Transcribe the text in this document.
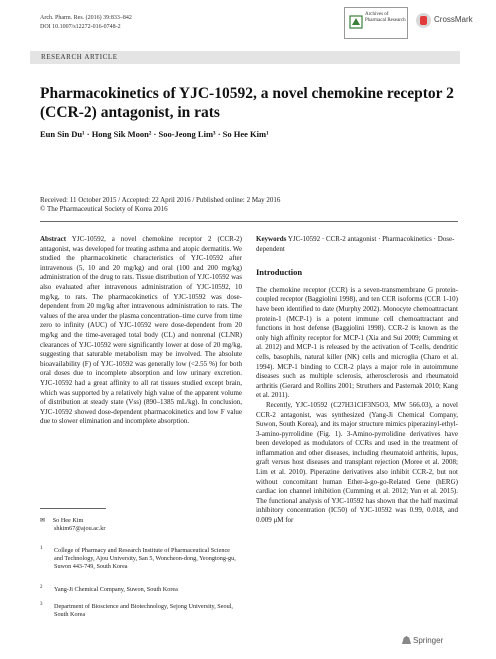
Arch. Pharm. Res. (2016) 39:833–842
DOI 10.1007/s12272-016-0748-2
Archives of Pharmacal Research	CrossMark
RESEARCH ARTICLE
Pharmacokinetics of YJC-10592, a novel chemokine receptor 2
(CCR-2) antagonist, in rats
Eun Sin Du¹ · Hong Sik Moon² · Soo-Jeong Lim³ · So Hee Kim¹
Received: 11 October 2015 / Accepted: 22 April 2016 / Published online: 2 May 2016
© The Pharmaceutical Society of Korea 2016

Abstract YJC-10592, a novel chemokine receptor 2 (CCR-2) antagonist, was developed for treating asthma and atopic dermatitis. We studied the pharmacokinetic characteristics of YJC-10592 after intravenous (5, 10 and 20 mg/kg) and oral (100 and 200 mg/kg) administration of the drug to rats. Tissue distribution of YJC-10592 was also evaluated after intravenous administration of YJC-10592, 10 mg/kg, to rats. The pharmacokinetics of YJC-10592 was dose-dependent from 20 mg/kg after intravenous administration to rats. The values of the area under the plasma concentration–time curve from time zero to infinity (AUC) of YJC-10592 were dose-dependent from 20 mg/kg and the time-averaged total body (CL) and nonrenal (CLNR) clearances of YJC-10592 were significantly lower at dose of 20 mg/kg, suggesting that saturable metabolism may be involved. The absolute bioavailability (F) of YJC-10592 was generally low (<2.55 %) for both oral doses due to incomplete absorption and low urinary excretion. YJC-10592 had a great affinity to all rat tissues studied except brain, which was supported by a relatively high value of the apparent volume of distribution at steady state (Vss) (890–1385 mL/kg). In conclusion, YJC-10592 showed dose-dependent pharmacokinetics and low F value due to slower elimination and incomplete absorption.

✉ So Hee Kim
shkim67@ajou.ac.kr
1 College of Pharmacy and Research Institute of Pharmaceutical Science and Technology, Ajou University, San 5, Woncheon-dong, Yeongtong-gu, Suwon 443-749, South Korea
2 Yang-Ji Chemical Company, Suwon, South Korea
3 Department of Bioscience and Biotechnology, Sejong University, Seoul, South Korea

Keywords YJC-10592 · CCR-2 antagonist · Pharmacokinetics · Dose-dependent

Introduction

The chemokine receptor (CCR) is a seven-transmembrane G protein-coupled receptor (Baggiolini 1998), and ten CCR isoforms (CCR 1-10) have been identified to date (Murphy 2002). Monocyte chemoattractant protein-1 (MCP-1) is a potent immune cell chemoattractant and functions in host defense (Baggiolini 1998). CCR-2 is known as the only high affinity receptor for MCP-1 (Xia and Sui 2009; Cumming et al. 2012) and MCP-1 is released by the activation of T-cells, dendritic cells, basophils, natural killer (NK) cells and microglia (Charo et al. 1994). MCP-1 binding to CCR-2 plays a major role in autoimmune diseases such as multiple sclerosis, atherosclerosis and rheumatoid arthritis (Gerard and Rollins 2001; Struthers and Pasternak 2010; Kang et al. 2011).

Recently, YJC-10592 (C27H31ClF3N5O3, MW 566.03), a novel CCR-2 antagonist, was synthesized (Yang-Ji Chemical Company, Suwon, South Korea), and its major structure mimics piperazinyl-ethyl-3-amino-pyrrolidine (Fig. 1). 3-Amino-pyrrolidine derivatives have been developed as modulators of CCRs and used in the treatment of inflammation and other diseases, including rheumatoid arthritis, lupus, graft versus host diseases and transplant rejection (Moree et al. 2008; Lim et al. 2010). Piperazine derivatives also inhibit CCR-2, but not without concomitant human Ether-à-go-go-Related Gene (hERG) cardiac ion channel inhibition (Cumming et al. 2012; Yun et al. 2015). The functional analysis of YJC-10592 has shown that the half maximal inhibitory concentration (IC50) of YJC-10592 was 0.99, 0.018, and 0.009 μM for

Springer
